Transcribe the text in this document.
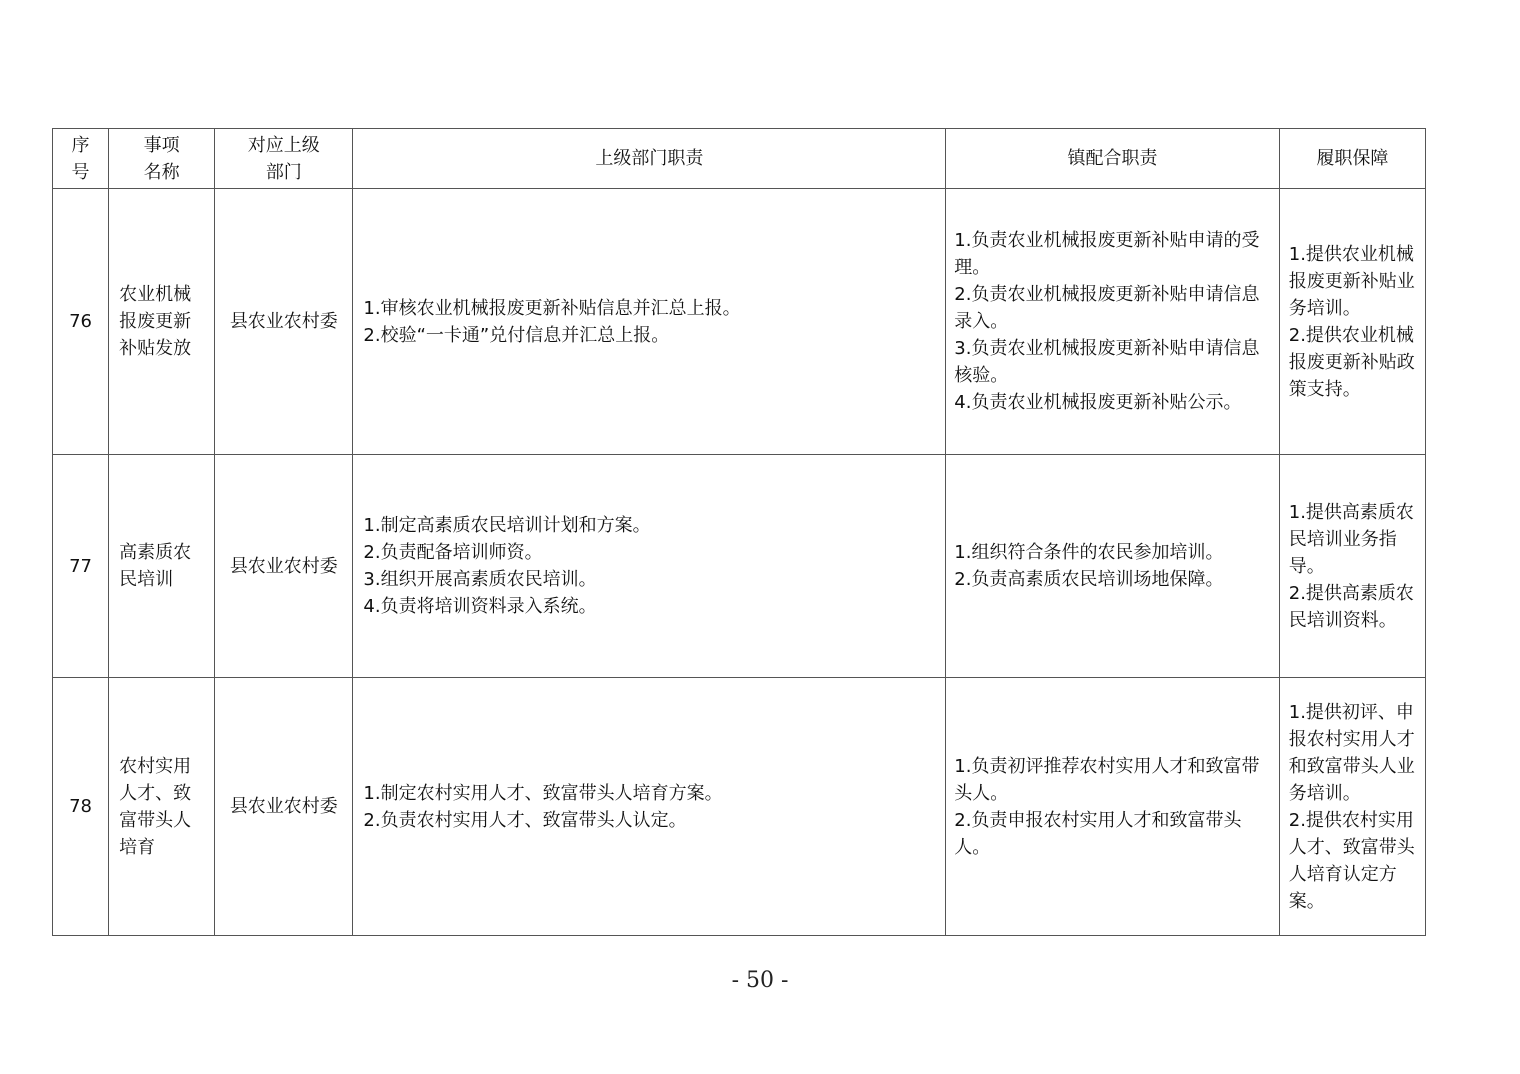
序
号	事项
名称	对应上级
部门	上级部门职责	镇配合职责	履职保障
76	农业机械报废更新补贴发放	县农业农村委	1.审核农业机械报废更新补贴信息并汇总上报。
2.校验“一卡通”兑付信息并汇总上报。	1.负责农业机械报废更新补贴申请的受理。
2.负责农业机械报废更新补贴申请信息录入。
3.负责农业机械报废更新补贴申请信息核验。
4.负责农业机械报废更新补贴公示。	1.提供农业机械报废更新补贴业务培训。
2.提供农业机械报废更新补贴政策支持。

77	高素质农民培训	县农业农村委	1.制定高素质农民培训计划和方案。
2.负责配备培训师资。
3.组织开展高素质农民培训。
4.负责将培训资料录入系统。	1.组织符合条件的农民参加培训。
2.负责高素质农民培训场地保障。	1.提供高素质农民培训业务指导。
2.提供高素质农民培训资料。

78	农村实用人才、致富带头人培育	县农业农村委	1.制定农村实用人才、致富带头人培育方案。
2.负责农村实用人才、致富带头人认定。	1.负责初评推荐农村实用人才和致富带头人。
2.负责申报农村实用人才和致富带头人。	1.提供初评、申报农村实用人才和致富带头人业务培训。
2.提供农村实用人才、致富带头人培育认定方案。
- 50 -
